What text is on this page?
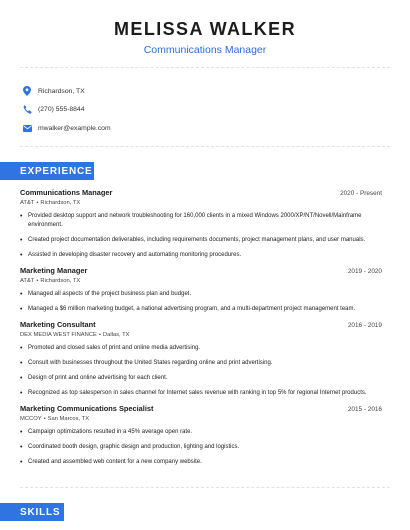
MELISSA WALKER
Communications Manager
Richardson, TX
(270) 555-8844
mwalker@example.com
EXPERIENCE
Communications Manager	2020 - Present
AT&T • Richardson, TX
• Provided desktop support and network troubleshooting for 160,000 clients in a mixed Windows 2000/XP/NT/Novell/Mainframe environment.
• Created project documentation deliverables, including requirements documents, project management plans, and user manuals.
• Assisted in developing disaster recovery and automating monitoring procedures.
Marketing Manager	2019 - 2020
AT&T • Richardson, TX
• Managed all aspects of the project business plan and budget.
• Managed a $6 million marketing budget, a national advertising program, and a multi-department project management team.
Marketing Consultant	2016 - 2019
DEX MEDIA WEST FINANCE • Dallas, TX
• Promoted and closed sales of print and online media advertising.
• Consult with businesses throughout the United States regarding online and print advertising.
• Design of print and online advertising for each client.
• Recognized as top salesperson in sales channel for Internet sales revenue with ranking in top 5% for regional Internet products.
Marketing Communications Specialist	2015 - 2016
MCCOY • San Marcos, TX
• Campaign optimizations resulted in a 45% average open rate.
• Coordinated booth design, graphic design and production, lighting and logistics.
• Created and assembled web content for a new company website.
SKILLS
